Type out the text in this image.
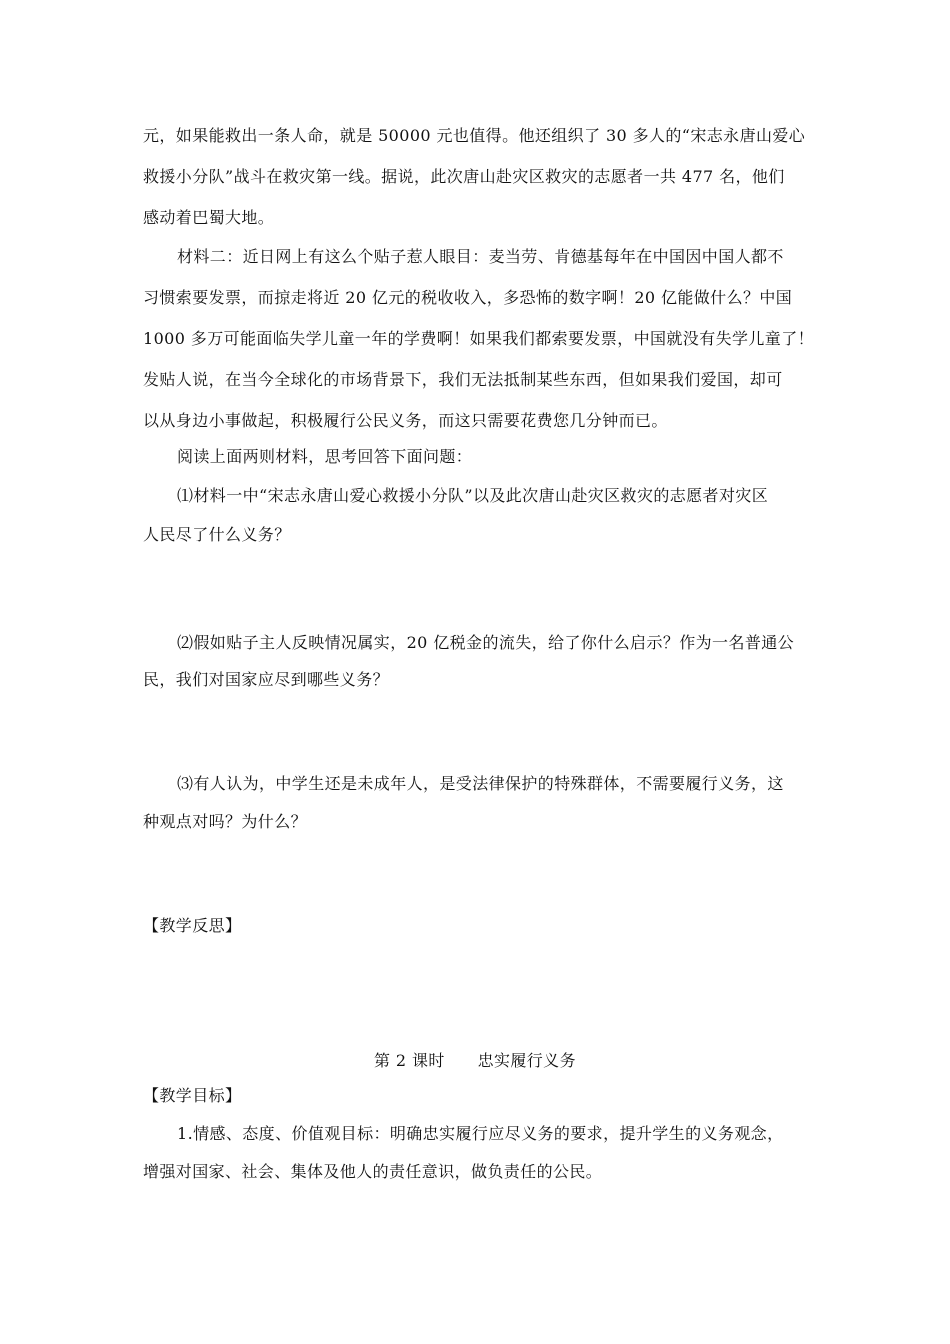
元，如果能救出一条人命，就是 50000 元也值得。他还组织了 30 多人的“宋志永唐山爱心
救援小分队”战斗在救灾第一线。据说，此次唐山赴灾区救灾的志愿者一共 477 名，他们
感动着巴蜀大地。
材料二：近日网上有这么个贴子惹人眼目：麦当劳、肯德基每年在中国因中国人都不
习惯索要发票，而掠走将近 20 亿元的税收收入，多恐怖的数字啊！20 亿能做什么？中国
1000 多万可能面临失学儿童一年的学费啊！如果我们都索要发票，中国就没有失学儿童了！
发贴人说，在当今全球化的市场背景下，我们无法抵制某些东西，但如果我们爱国，却可
以从身边小事做起，积极履行公民义务，而这只需要花费您几分钟而已。
阅读上面两则材料，思考回答下面问题：
⑴材料一中“宋志永唐山爱心救援小分队”以及此次唐山赴灾区救灾的志愿者对灾区
人民尽了什么义务？
⑵假如贴子主人反映情况属实，20 亿税金的流失，给了你什么启示？作为一名普通公
民，我们对国家应尽到哪些义务？
⑶有人认为，中学生还是未成年人，是受法律保护的特殊群体，不需要履行义务，这
种观点对吗？为什么？
【教学反思】
第 2 课时　　忠实履行义务
【教学目标】
1.情感、态度、价值观目标：明确忠实履行应尽义务的要求，提升学生的义务观念，
增强对国家、社会、集体及他人的责任意识，做负责任的公民。
